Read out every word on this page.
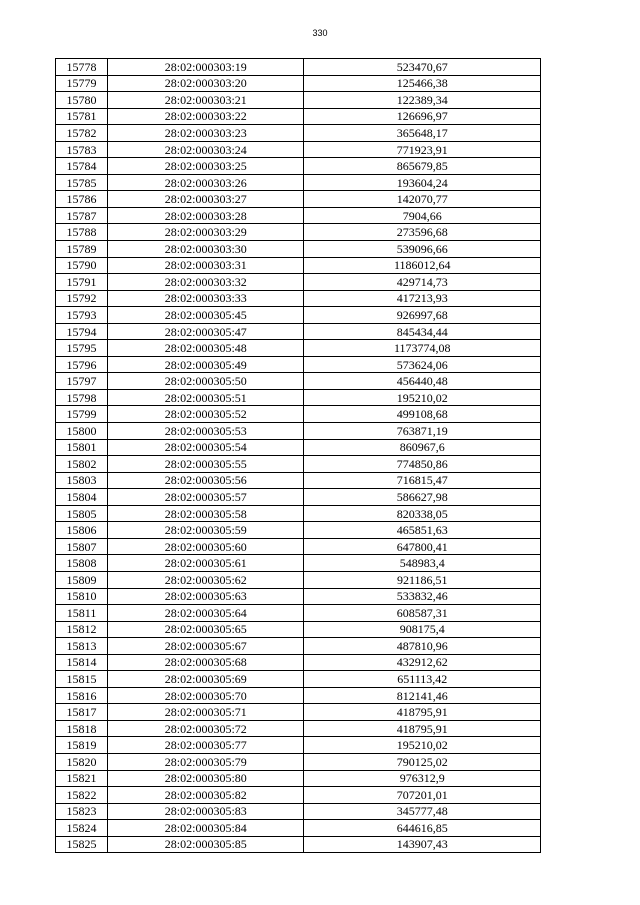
330
15778	28:02:000303:19	523470,67
15779	28:02:000303:20	125466,38
15780	28:02:000303:21	122389,34
15781	28:02:000303:22	126696,97
15782	28:02:000303:23	365648,17
15783	28:02:000303:24	771923,91
15784	28:02:000303:25	865679,85
15785	28:02:000303:26	193604,24
15786	28:02:000303:27	142070,77
15787	28:02:000303:28	7904,66
15788	28:02:000303:29	273596,68
15789	28:02:000303:30	539096,66
15790	28:02:000303:31	1186012,64
15791	28:02:000303:32	429714,73
15792	28:02:000303:33	417213,93
15793	28:02:000305:45	926997,68
15794	28:02:000305:47	845434,44
15795	28:02:000305:48	1173774,08
15796	28:02:000305:49	573624,06
15797	28:02:000305:50	456440,48
15798	28:02:000305:51	195210,02
15799	28:02:000305:52	499108,68
15800	28:02:000305:53	763871,19
15801	28:02:000305:54	860967,6
15802	28:02:000305:55	774850,86
15803	28:02:000305:56	716815,47
15804	28:02:000305:57	586627,98
15805	28:02:000305:58	820338,05
15806	28:02:000305:59	465851,63
15807	28:02:000305:60	647800,41
15808	28:02:000305:61	548983,4
15809	28:02:000305:62	921186,51
15810	28:02:000305:63	533832,46
15811	28:02:000305:64	608587,31
15812	28:02:000305:65	908175,4
15813	28:02:000305:67	487810,96
15814	28:02:000305:68	432912,62
15815	28:02:000305:69	651113,42
15816	28:02:000305:70	812141,46
15817	28:02:000305:71	418795,91
15818	28:02:000305:72	418795,91
15819	28:02:000305:77	195210,02
15820	28:02:000305:79	790125,02
15821	28:02:000305:80	976312,9
15822	28:02:000305:82	707201,01
15823	28:02:000305:83	345777,48
15824	28:02:000305:84	644616,85
15825	28:02:000305:85	143907,43
